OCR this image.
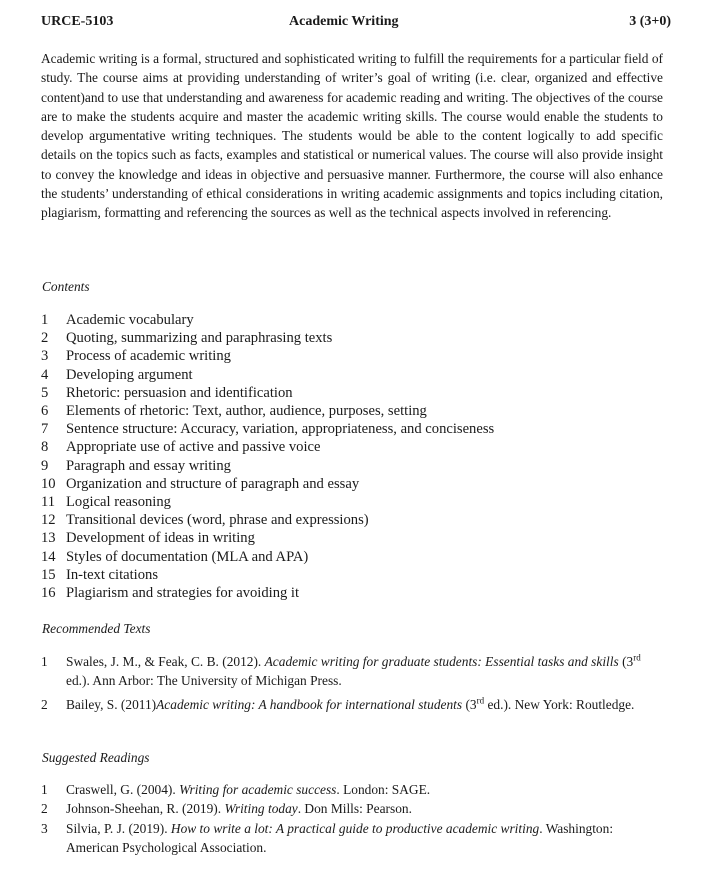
URCE-5103	Academic Writing	3 (3+0)

Academic writing is a formal, structured and sophisticated writing to fulfill the requirements for a particular field of study. The course aims at providing understanding of writer’s goal of writing (i.e. clear, organized and effective content)and to use that understanding and awareness for academic reading and writing. The objectives of the course are to make the students acquire and master the academic writing skills. The course would enable the students to develop argumentative writing techniques. The students would be able to the content logically to add specific details on the topics such as facts, examples and statistical or numerical values. The course will also provide insight to convey the knowledge and ideas in objective and persuasive manner. Furthermore, the course will also enhance the students’ understanding of ethical considerations in writing academic assignments and topics including citation, plagiarism, formatting and referencing the sources as well as the technical aspects involved in referencing.

Contents

1	Academic vocabulary
2	Quoting, summarizing and paraphrasing texts
3	Process of academic writing
4	Developing argument
5	Rhetoric: persuasion and identification
6	Elements of rhetoric: Text, author, audience, purposes, setting
7	Sentence structure: Accuracy, variation, appropriateness, and conciseness
8	Appropriate use of active and passive voice
9	Paragraph and essay writing
10 Organization and structure of paragraph and essay
11 Logical reasoning
12 Transitional devices (word, phrase and expressions)
13 Development of ideas in writing
14 Styles of documentation (MLA and APA)
15 In-text citations
16 Plagiarism and strategies for avoiding it

Recommended Texts

1	Swales, J. M., & Feak, C. B. (2012). Academic writing for graduate students: Essential tasks and skills (3rd ed.). Ann Arbor: The University of Michigan Press.
2	Bailey, S. (2011)Academic writing: A handbook for international students (3rd ed.). New York: Routledge.

Suggested Readings

1	Craswell, G. (2004). Writing for academic success. London: SAGE.
2	Johnson-Sheehan, R. (2019). Writing today. Don Mills: Pearson.
3	Silvia, P. J. (2019). How to write a lot: A practical guide to productive academic writing. Washington: American Psychological Association.
